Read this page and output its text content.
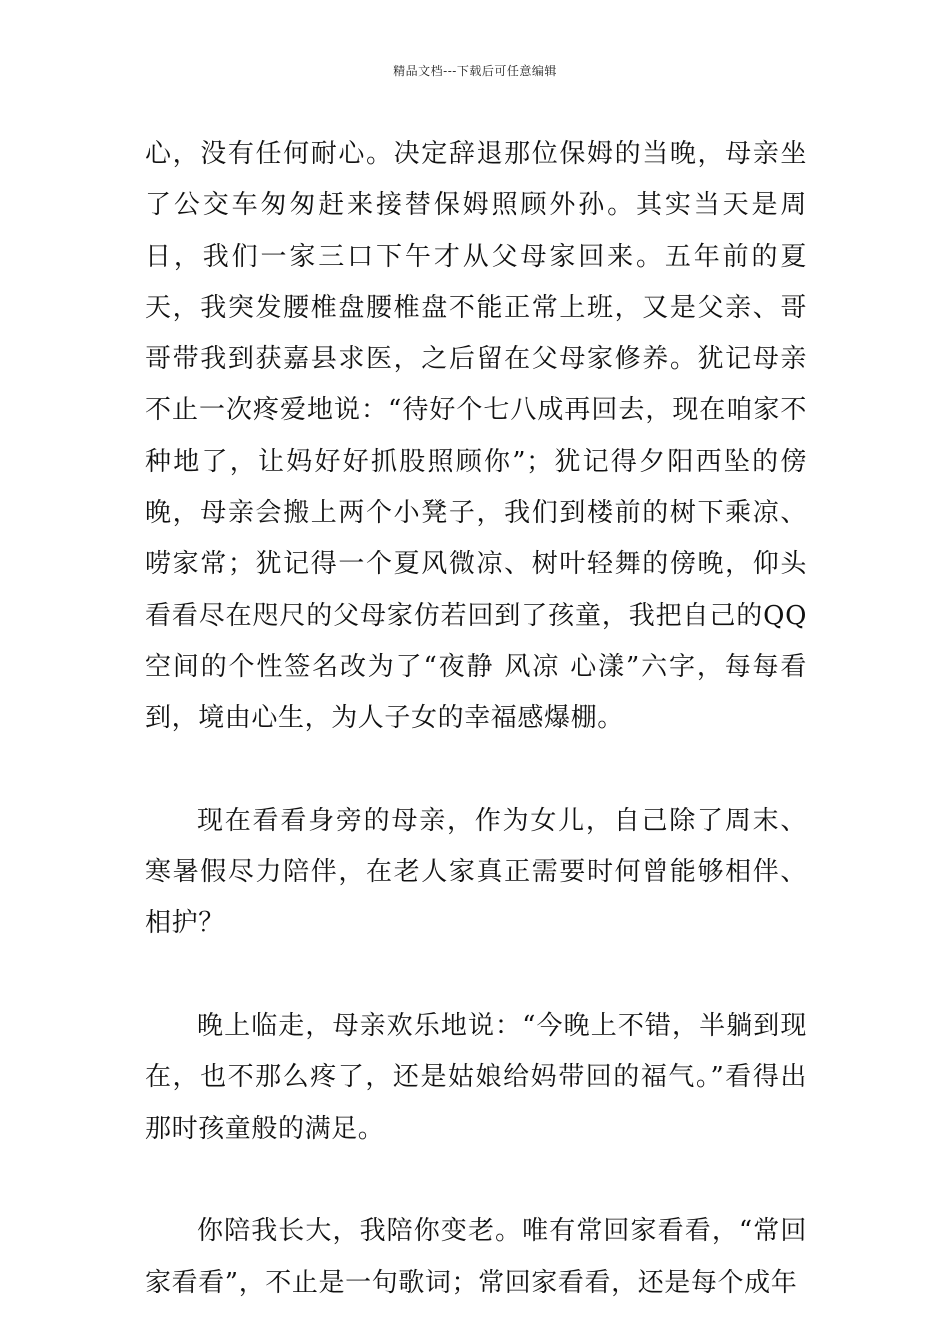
精品文档---下载后可任意编辑

心，没有任何耐心。决定辞退那位保姆的当晚，母亲坐了公交车匆匆赶来接替保姆照顾外孙。其实当天是周日，我们一家三口下午才从父母家回来。五年前的夏天，我突发腰椎盘腰椎盘不能正常上班，又是父亲、哥哥带我到获嘉县求医，之后留在父母家修养。犹记母亲不止一次疼爱地说：“待好个七八成再回去，现在咱家不种地了，让妈好好抓股照顾你”；犹记得夕阳西坠的傍晚，母亲会搬上两个小凳子，我们到楼前的树下乘凉、唠家常；犹记得一个夏风微凉、树叶轻舞的傍晚，仰头看看尽在咫尺的父母家仿若回到了孩童，我把自己的QQ空间的个性签名改为了“夜静 风凉 心漾”六字，每每看到，境由心生，为人子女的幸福感爆棚。

现在看看身旁的母亲，作为女儿，自己除了周末、寒暑假尽力陪伴，在老人家真正需要时何曾能够相伴、相护？

晚上临走，母亲欢乐地说：“今晚上不错，半躺到现在，也不那么疼了，还是姑娘给妈带回的福气。”看得出那时孩童般的满足。

你陪我长大，我陪你变老。唯有常回家看看，“常回家看看”，不止是一句歌词；常回家看看，还是每个成年
